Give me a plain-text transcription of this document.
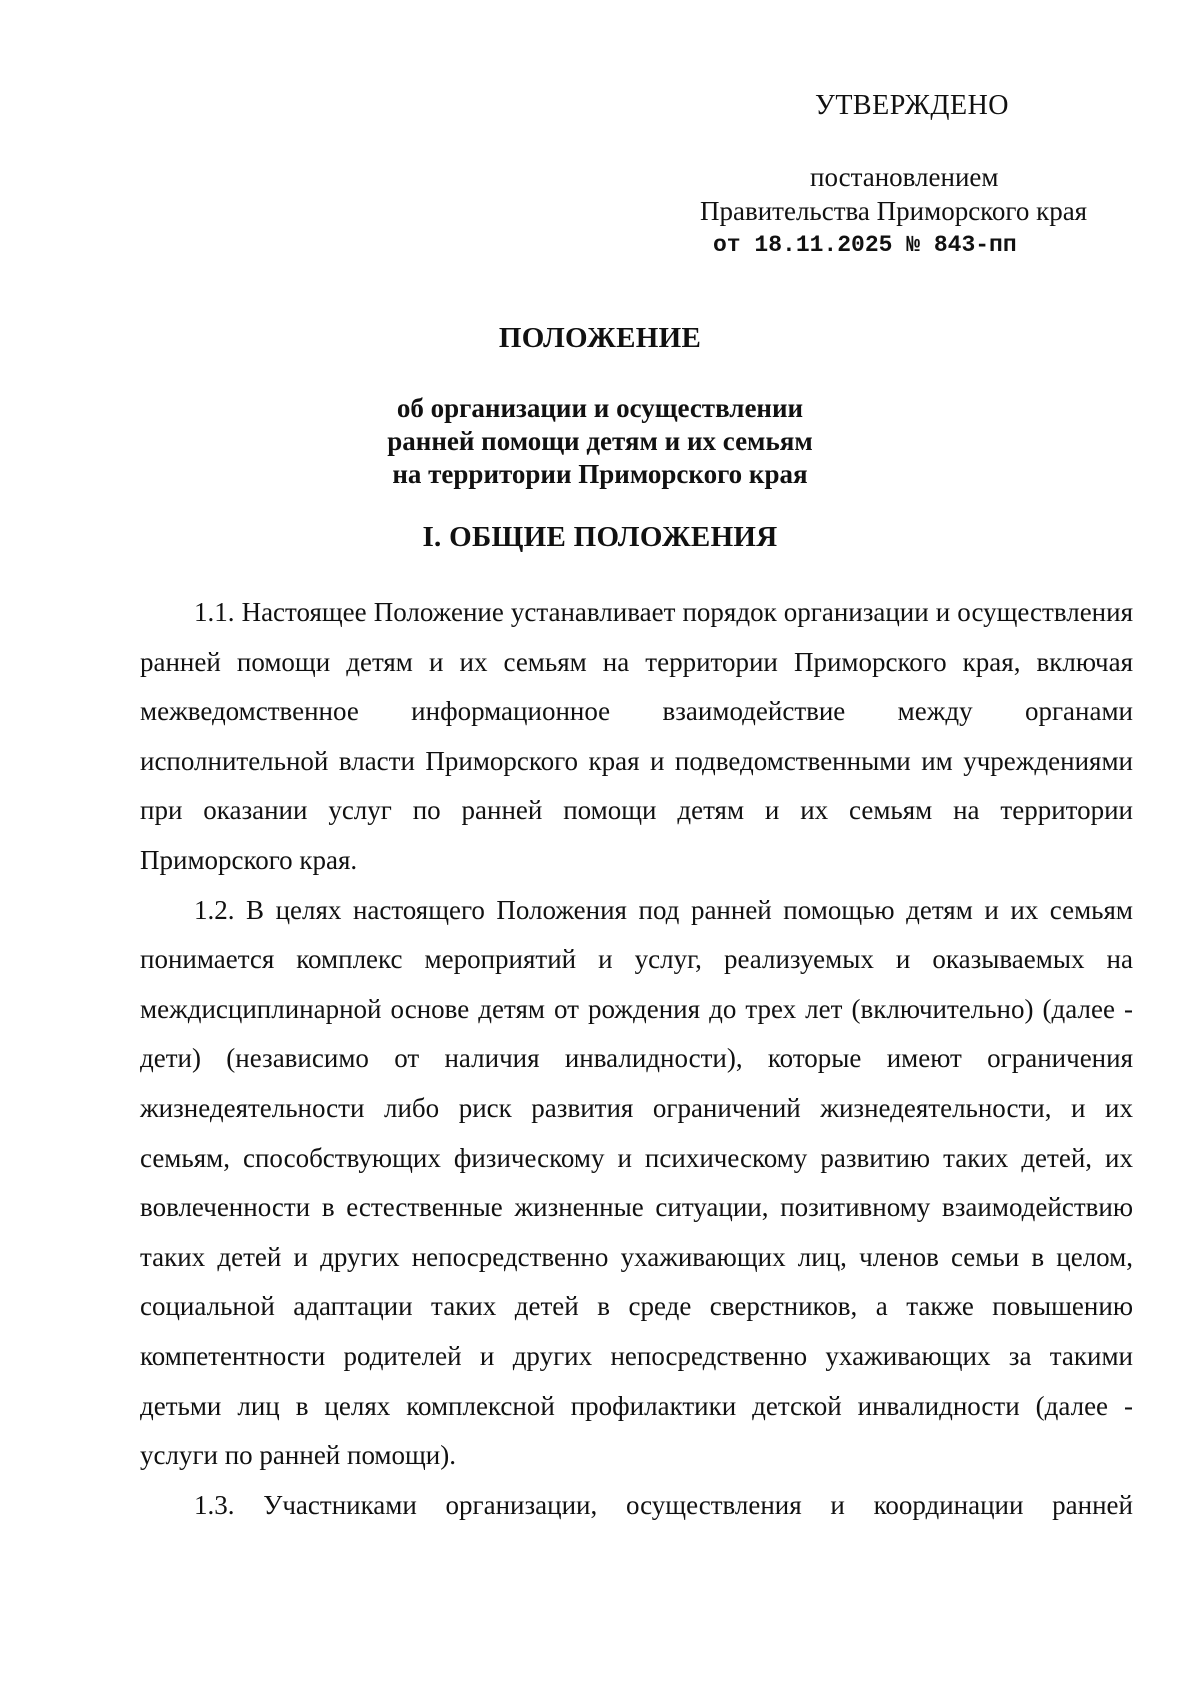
УТВЕРЖДЕНО
постановлением
Правительства Приморского края
от 18.11.2025 № 843-пп
ПОЛОЖЕНИЕ
об организации и осуществлении
ранней помощи детям и их семьям
на территории Приморского края
I. ОБЩИЕ ПОЛОЖЕНИЯ

1.1. Настоящее Положение устанавливает порядок организации и осуществления ранней помощи детям и их семьям на территории Приморского края, включая межведомственное информационное взаимодействие между органами исполнительной власти Приморского края и подведомственными им учреждениями при оказании услуг по ранней помощи детям и их семьям на территории Приморского края.

1.2. В целях настоящего Положения под ранней помощью детям и их семьям понимается комплекс мероприятий и услуг, реализуемых и оказываемых на междисциплинарной основе детям от рождения до трех лет (включительно) (далее - дети) (независимо от наличия инвалидности), которые имеют ограничения жизнедеятельности либо риск развития ограничений жизнедеятельности, и их семьям, способствующих физическому и психическому развитию таких детей, их вовлеченности в естественные жизненные ситуации, позитивному взаимодействию таких детей и других непосредственно ухаживающих лиц, членов семьи в целом, социальной адаптации таких детей в среде сверстников, а также повышению компетентности родителей и других непосредственно ухаживающих за такими детьми лиц в целях комплексной профилактики детской инвалидности (далее - услуги по ранней помощи).

1.3. Участниками организации, осуществления и координации ранней
